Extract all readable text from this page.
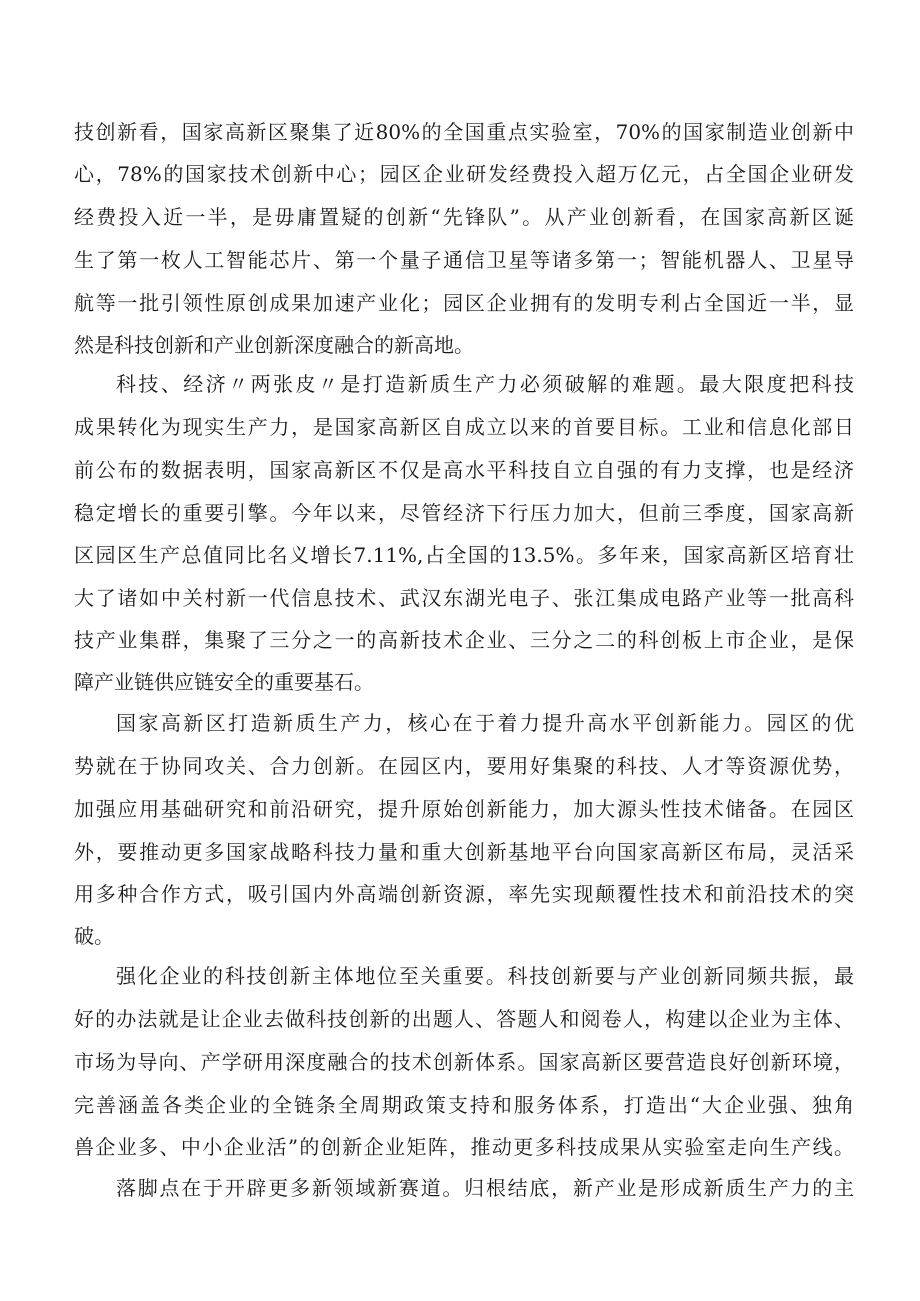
技创新看，国家高新区聚集了近80%的全国重点实验室，70%的国家制造业创新中
心，78%的国家技术创新中心；园区企业研发经费投入超万亿元，占全国企业研发
经费投入近一半，是毋庸置疑的创新“先锋队”。从产业创新看，在国家高新区诞
生了第一枚人工智能芯片、第一个量子通信卫星等诸多第一；智能机器人、卫星导
航等一批引领性原创成果加速产业化；园区企业拥有的发明专利占全国近一半，显
然是科技创新和产业创新深度融合的新高地。
科技、经济〃两张皮〃是打造新质生产力必须破解的难题。最大限度把科技
成果转化为现实生产力，是国家高新区自成立以来的首要目标。工业和信息化部日
前公布的数据表明，国家高新区不仅是高水平科技自立自强的有力支撑，也是经济
稳定增长的重要引擎。今年以来，尽管经济下行压力加大，但前三季度，国家高新
区园区生产总值同比名义增长7.11%,占全国的13.5%。多年来，国家高新区培育壮
大了诸如中关村新一代信息技术、武汉东湖光电子、张江集成电路产业等一批高科
技产业集群，集聚了三分之一的高新技术企业、三分之二的科创板上市企业，是保
障产业链供应链安全的重要基石。
国家高新区打造新质生产力，核心在于着力提升高水平创新能力。园区的优
势就在于协同攻关、合力创新。在园区内，要用好集聚的科技、人才等资源优势，
加强应用基础研究和前沿研究，提升原始创新能力，加大源头性技术储备。在园区
外，要推动更多国家战略科技力量和重大创新基地平台向国家高新区布局，灵活采
用多种合作方式，吸引国内外高端创新资源，率先实现颠覆性技术和前沿技术的突
破。
强化企业的科技创新主体地位至关重要。科技创新要与产业创新同频共振，最
好的办法就是让企业去做科技创新的出题人、答题人和阅卷人，构建以企业为主体、
市场为导向、产学研用深度融合的技术创新体系。国家高新区要营造良好创新环境，
完善涵盖各类企业的全链条全周期政策支持和服务体系，打造出“大企业强、独角
兽企业多、中小企业活”的创新企业矩阵，推动更多科技成果从实验室走向生产线。
落脚点在于开辟更多新领域新赛道。归根结底，新产业是形成新质生产力的主
